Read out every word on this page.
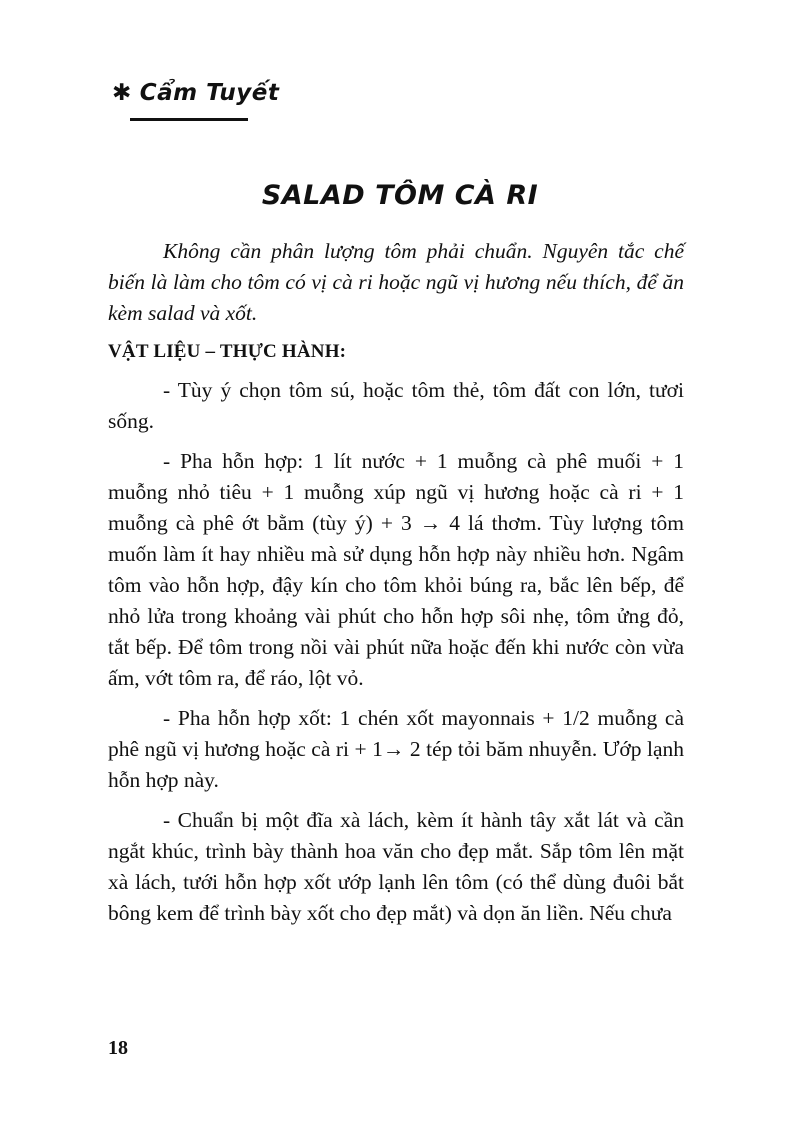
✱ Cẩm Tuyết
SALAD TÔM CÀ RI

Không cần phân lượng tôm phải chuẩn. Nguyên tắc chế biến là làm cho tôm có vị cà ri hoặc ngũ vị hương nếu thích, để ăn kèm salad và xốt.

VẬT LIỆU – THỰC HÀNH:

- Tùy ý chọn tôm sú, hoặc tôm thẻ, tôm đất con lớn, tươi sống.

- Pha hỗn hợp: 1 lít nước + 1 muỗng cà phê muối + 1 muỗng nhỏ tiêu + 1 muỗng xúp ngũ vị hương hoặc cà ri + 1 muỗng cà phê ớt bằm (tùy ý) + 3 → 4 lá thơm. Tùy lượng tôm muốn làm ít hay nhiều mà sử dụng hỗn hợp này nhiều hơn. Ngâm tôm vào hỗn hợp, đậy kín cho tôm khỏi búng ra, bắc lên bếp, để nhỏ lửa trong khoảng vài phút cho hỗn hợp sôi nhẹ, tôm ửng đỏ, tắt bếp. Để tôm trong nồi vài phút nữa hoặc đến khi nước còn vừa ấm, vớt tôm ra, để ráo, lột vỏ.

- Pha hỗn hợp xốt: 1 chén xốt mayonnais + 1/2 muỗng cà phê ngũ vị hương hoặc cà ri + 1→ 2 tép tỏi băm nhuyễn. Ướp lạnh hỗn hợp này.

- Chuẩn bị một đĩa xà lách, kèm ít hành tây xắt lát và cần ngắt khúc, trình bày thành hoa văn cho đẹp mắt. Sắp tôm lên mặt xà lách, tưới hỗn hợp xốt ướp lạnh lên tôm (có thể dùng đuôi bắt bông kem để trình bày xốt cho đẹp mắt) và dọn ăn liền. Nếu chưa

18
